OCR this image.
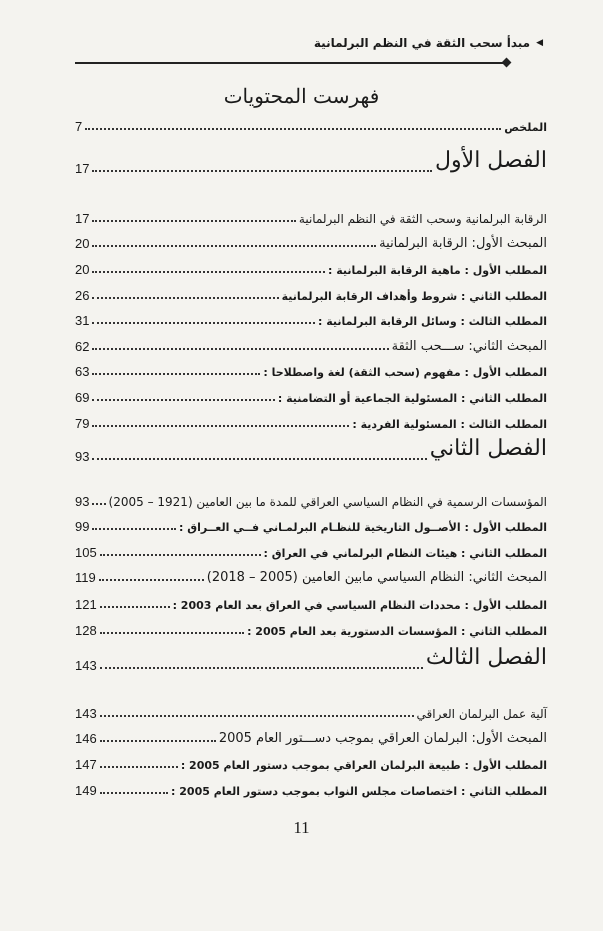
◀
مبدأ سحب الثقة في النظم البرلمانية
فهرست المحتويات
الملخص
7
الفصل الأول
17
الرقابة البرلمانية وسحب الثقة في النظم البرلمانية
17
المبحث الأول: الرقابة البرلمانية
20
المطلب الأول : ماهية الرقابة البرلمانية :
20
المطلب الثاني : شروط وأهداف الرقابة البرلمانية
26
المطلب الثالث : وسائل الرقابة البرلمانية :
31
المبحث الثاني: ســـحب الثقة
62
المطلب الأول : مفهوم (سحب الثقة) لغة واصطلاحا :
63
المطلب الثاني : المسئولية الجماعية أو التضامنية :
69
المطلب الثالث : المسئولية الفردية :
79
الفصل الثاني
93
المؤسسات الرسمية في النظام السياسي العراقي للمدة ما بين العامين (1921 – 2005)
93
المطلب الأول : الأصــول التاريخية للنظـام البرلمـاني فــي العــراق :
99
المطلب الثاني : هيئات النظام البرلماني في العراق :
105
المبحث الثاني: النظام السياسي مابين العامين (2005 – 2018)
119
المطلب الأول : محددات النظام السياسي في العراق بعد العام 2003 :
121
المطلب الثاني : المؤسسات الدستورية بعد العام 2005 :
128
الفصل الثالث
143
آلية عمل البرلمان العراقي
143
المبحث الأول: البرلمان العراقي بموجب دســـتور العام 2005
146
المطلب الأول : طبيعة البرلمان العراقي بموجب دستور العام 2005 :
147
المطلب الثاني : اختصاصات مجلس النواب بموجب دستور العام 2005 :
149
11
